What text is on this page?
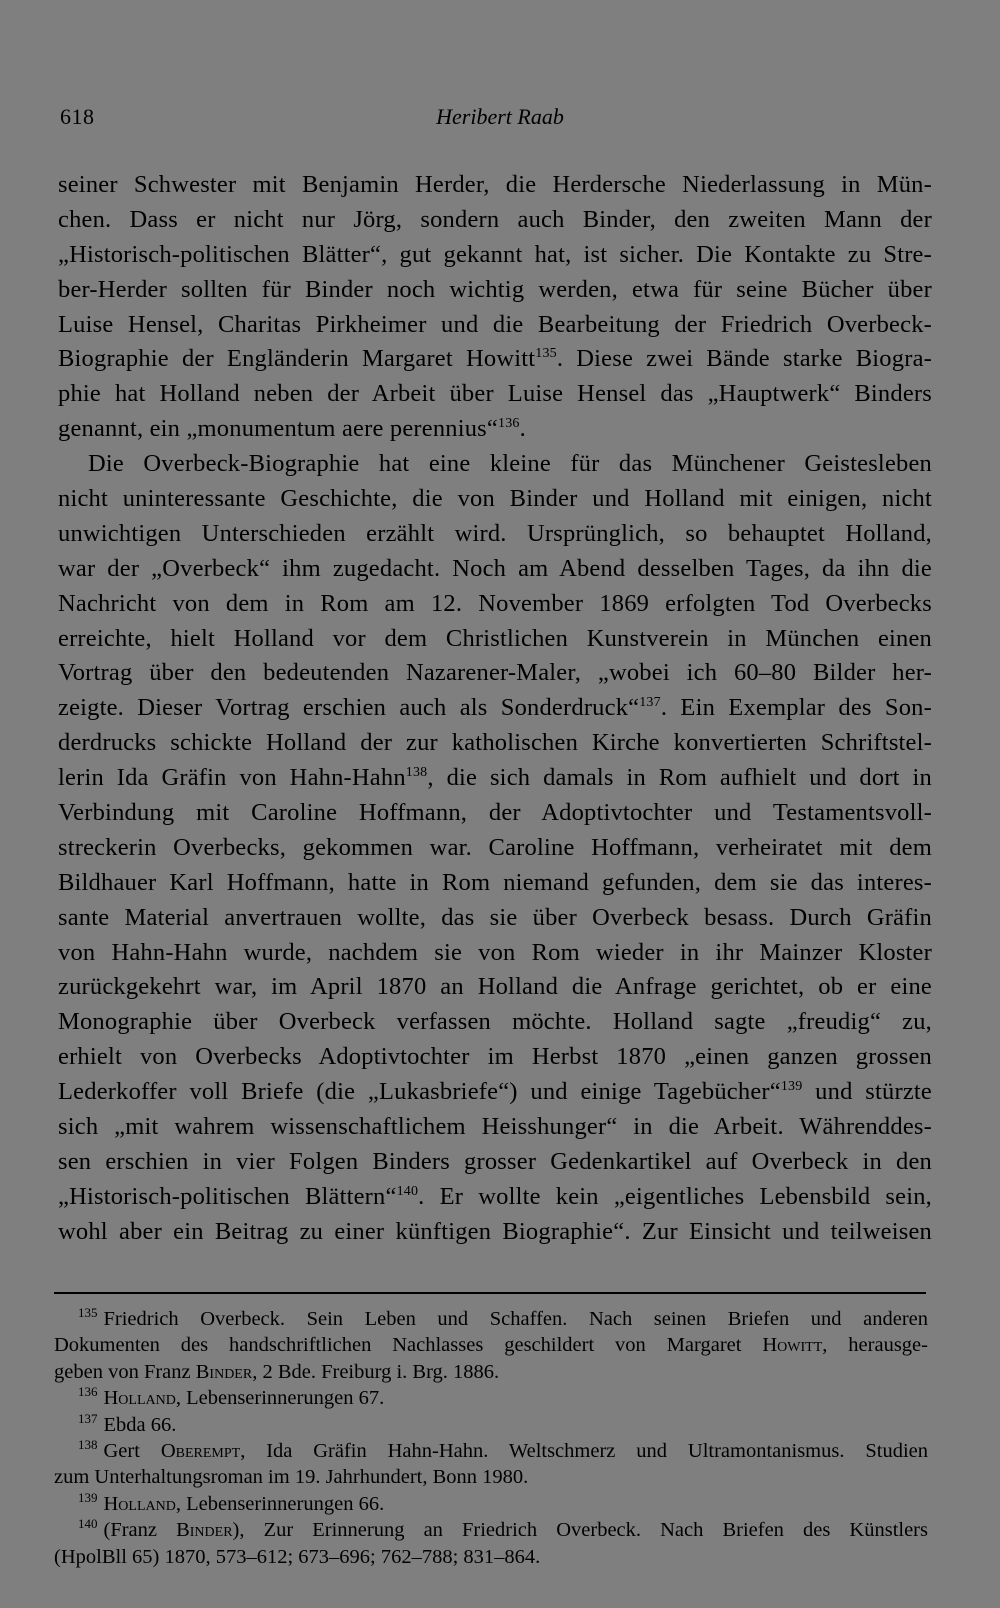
618	Heribert Raab
seiner Schwester mit Benjamin Herder, die Herdersche Niederlassung in Mün-
chen. Dass er nicht nur Jörg, sondern auch Binder, den zweiten Mann der
„Historisch-politischen Blätter“, gut gekannt hat, ist sicher. Die Kontakte zu Stre-
ber-Herder sollten für Binder noch wichtig werden, etwa für seine Bücher über
Luise Hensel, Charitas Pirkheimer und die Bearbeitung der Friedrich Overbeck-
Biographie der Engländerin Margaret Howitt$^{135}$. Diese zwei Bände starke Biogra-
phie hat Holland neben der Arbeit über Luise Hensel das „Hauptwerk“ Binders
genannt, ein „monumentum aere perennius“$^{136}$.
Die Overbeck-Biographie hat eine kleine für das Münchener Geistesleben
nicht uninteressante Geschichte, die von Binder und Holland mit einigen, nicht
unwichtigen Unterschieden erzählt wird. Ursprünglich, so behauptet Holland,
war der „Overbeck“ ihm zugedacht. Noch am Abend desselben Tages, da ihn die
Nachricht von dem in Rom am 12. November 1869 erfolgten Tod Overbecks
erreichte, hielt Holland vor dem Christlichen Kunstverein in München einen
Vortrag über den bedeutenden Nazarener-Maler, „wobei ich 60–80 Bilder her-
zeigte. Dieser Vortrag erschien auch als Sonderdruck“$^{137}$. Ein Exemplar des Son-
derdrucks schickte Holland der zur katholischen Kirche konvertierten Schriftstel-
lerin Ida Gräfin von Hahn-Hahn$^{138}$, die sich damals in Rom aufhielt und dort in
Verbindung mit Caroline Hoffmann, der Adoptivtochter und Testamentsvoll-
streckerin Overbecks, gekommen war. Caroline Hoffmann, verheiratet mit dem
Bildhauer Karl Hoffmann, hatte in Rom niemand gefunden, dem sie das interes-
sante Material anvertrauen wollte, das sie über Overbeck besass. Durch Gräfin
von Hahn-Hahn wurde, nachdem sie von Rom wieder in ihr Mainzer Kloster
zurückgekehrt war, im April 1870 an Holland die Anfrage gerichtet, ob er eine
Monographie über Overbeck verfassen möchte. Holland sagte „freudig“ zu,
erhielt von Overbecks Adoptivtochter im Herbst 1870 „einen ganzen grossen
Lederkoffer voll Briefe (die „Lukasbriefe“) und einige Tagebücher“$^{139}$ und stürzte
sich „mit wahrem wissenschaftlichem Heisshunger“ in die Arbeit. Währenddes-
sen erschien in vier Folgen Binders grosser Gedenkartikel auf Overbeck in den
„Historisch-politischen Blättern“$^{140}$. Er wollte kein „eigentliches Lebensbild sein,
wohl aber ein Beitrag zu einer künftigen Biographie“. Zur Einsicht und teilweisen
$^{135}$ Friedrich Overbeck. Sein Leben und Schaffen. Nach seinen Briefen und anderen
Dokumenten des handschriftlichen Nachlasses geschildert von Margaret Howitt, herausge-
geben von Franz Binder, 2 Bde. Freiburg i. Brg. 1886.
$^{136}$ Holland, Lebenserinnerungen 67.
$^{137}$ Ebda 66.
$^{138}$ Gert Oberempt, Ida Gräfin Hahn-Hahn. Weltschmerz und Ultramontanismus. Studien
zum Unterhaltungsroman im 19. Jahrhundert, Bonn 1980.
$^{139}$ Holland, Lebenserinnerungen 66.
$^{140}$ (Franz Binder), Zur Erinnerung an Friedrich Overbeck. Nach Briefen des Künstlers
(HpolBll 65) 1870, 573–612; 673–696; 762–788; 831–864.
